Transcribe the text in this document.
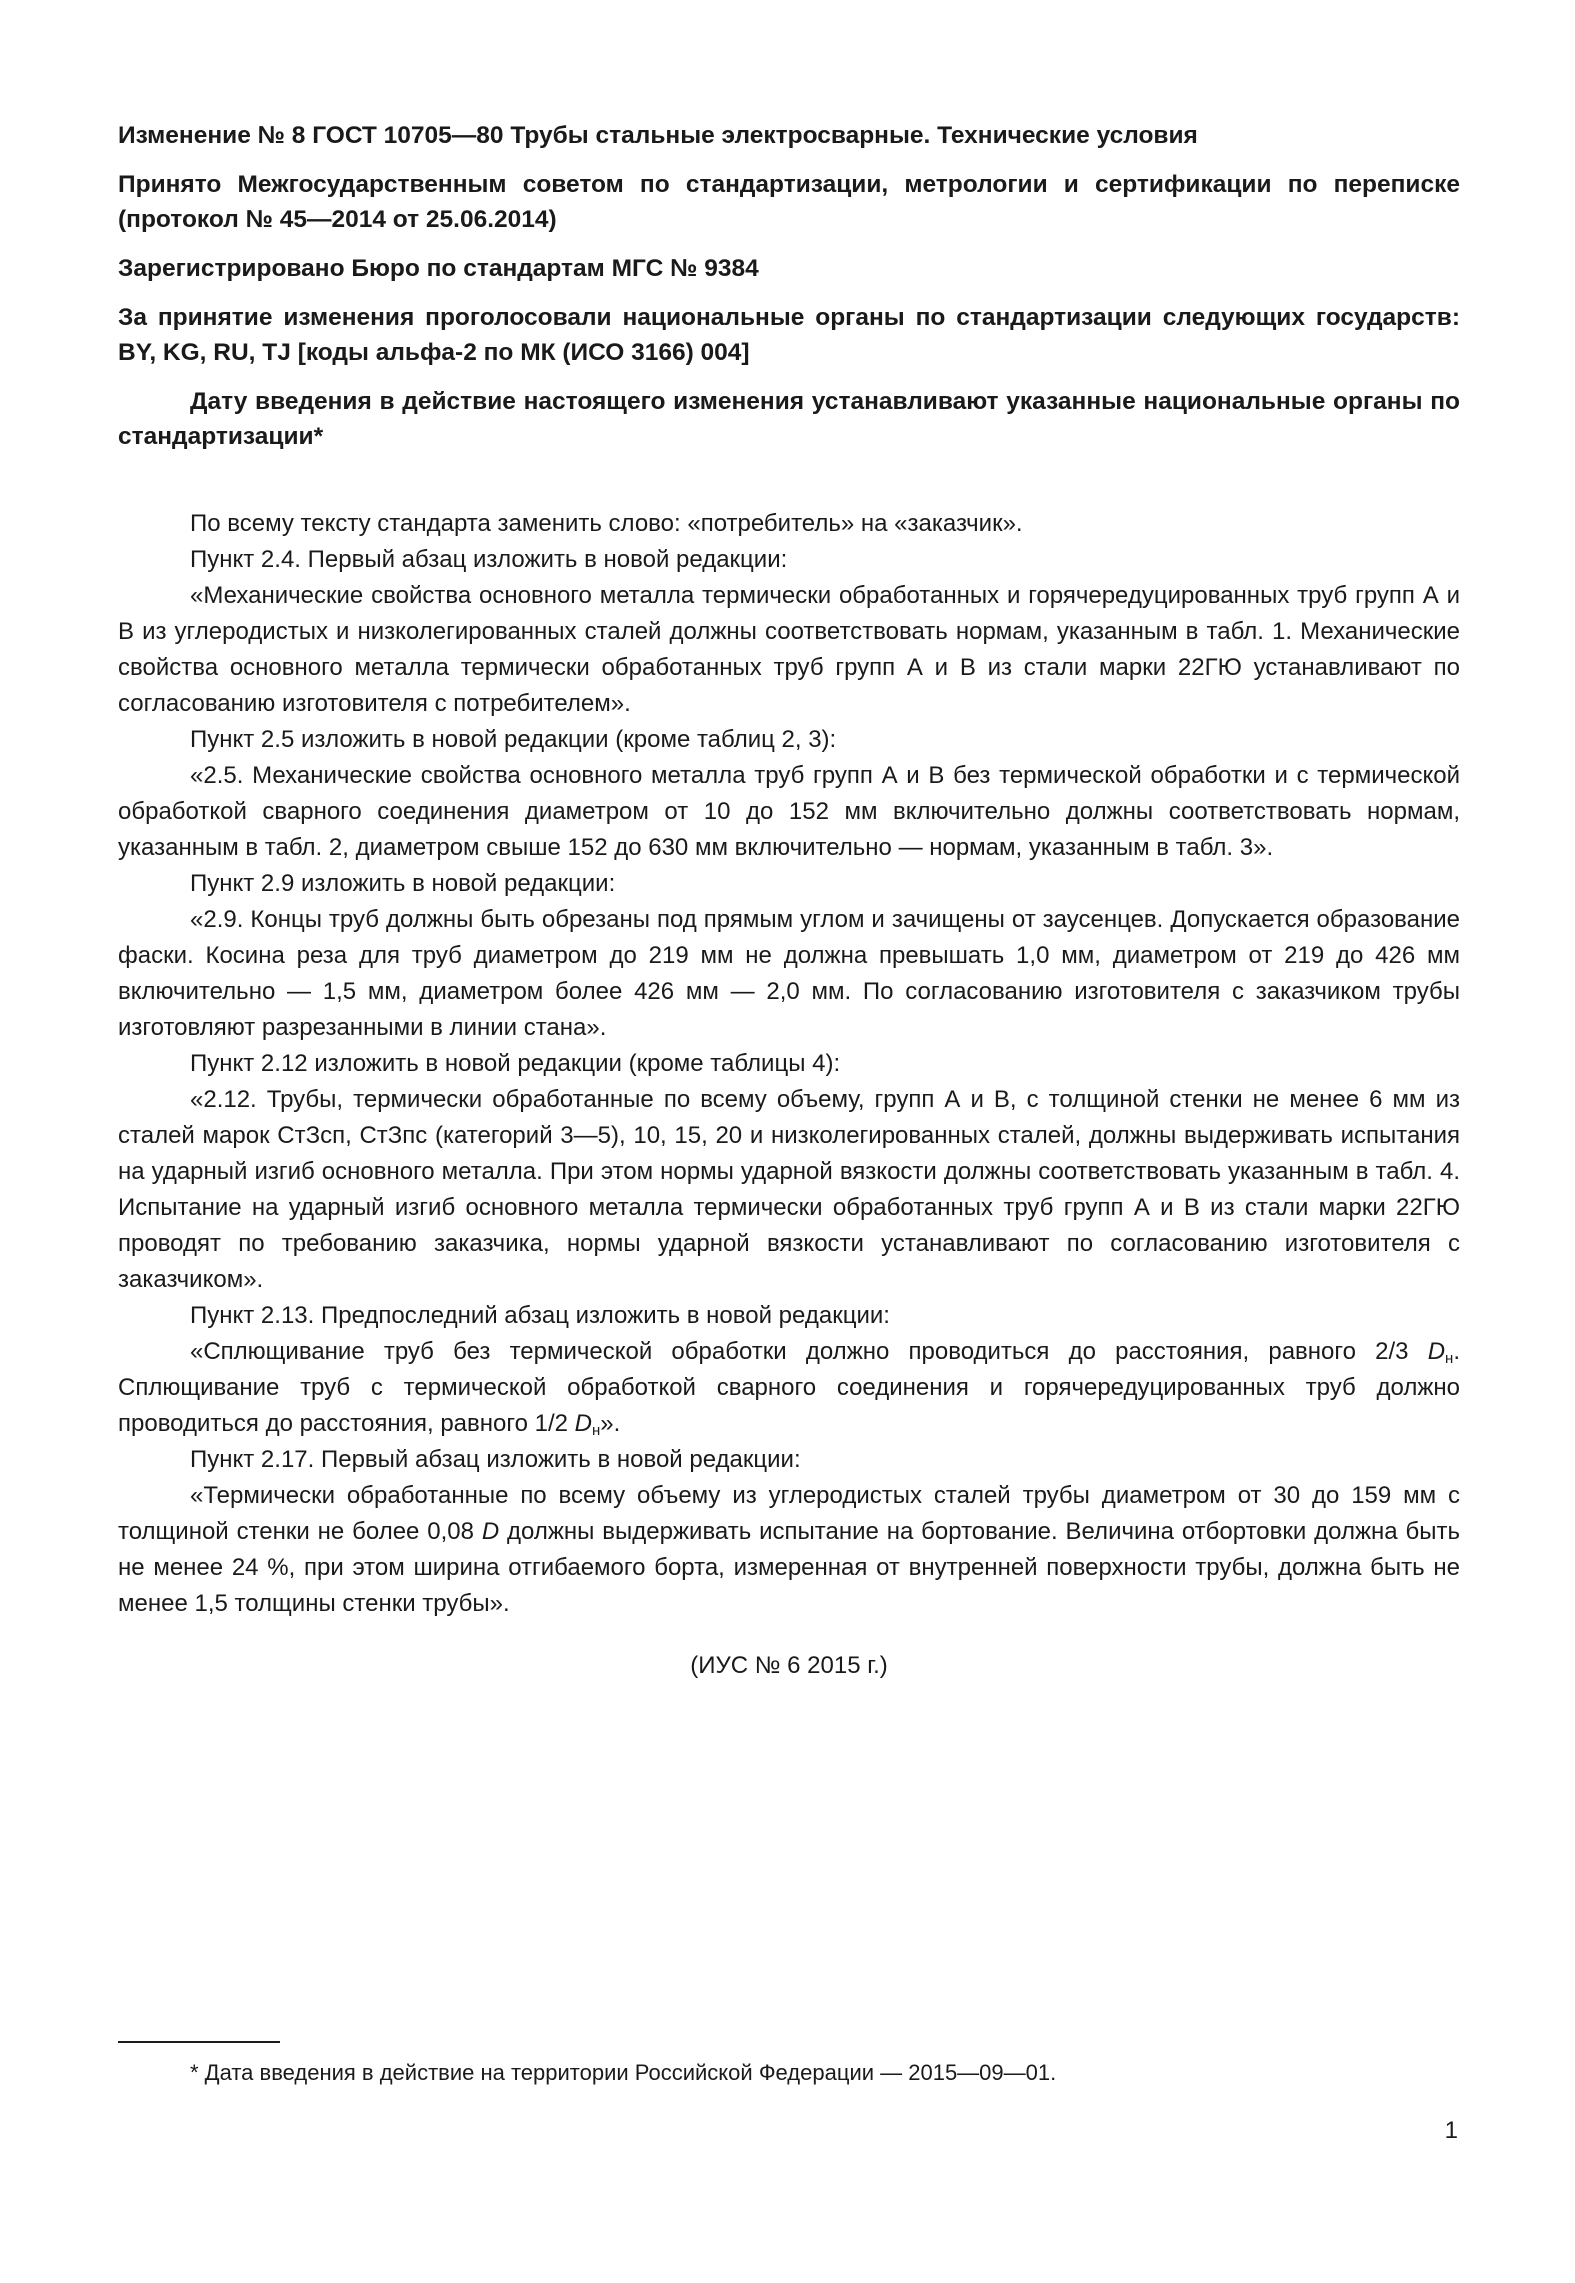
Изменение № 8 ГОСТ 10705—80 Трубы стальные электросварные. Технические условия

Принято Межгосударственным советом по стандартизации, метрологии и сертификации по переписке (протокол № 45—2014 от 25.06.2014)

Зарегистрировано Бюро по стандартам МГС № 9384

За принятие изменения проголосовали национальные органы по стандартизации следующих государств: BY, KG, RU, TJ [коды альфа-2 по МК (ИСО 3166) 004]

Дату введения в действие настоящего изменения устанавливают указанные национальные органы по стандартизации*

По всему тексту стандарта заменить слово: «потребитель» на «заказчик».

Пункт 2.4. Первый абзац изложить в новой редакции:

«Механические свойства основного металла термически обработанных и горячередуцированных труб групп А и В из углеродистых и низколегированных сталей должны соответствовать нормам, указанным в табл. 1. Механические свойства основного металла термически обработанных труб групп А и В из стали марки 22ГЮ устанавливают по согласованию изготовителя с потребителем».

Пункт 2.5 изложить в новой редакции (кроме таблиц 2, 3):

«2.5. Механические свойства основного металла труб групп А и В без термической обработки и с термической обработкой сварного соединения диаметром от 10 до 152 мм включительно должны соответствовать нормам, указанным в табл. 2, диаметром свыше 152 до 630 мм включительно — нормам, указанным в табл. 3».

Пункт 2.9 изложить в новой редакции:

«2.9. Концы труб должны быть обрезаны под прямым углом и зачищены от заусенцев. Допускается образование фаски. Косина реза для труб диаметром до 219 мм не должна превышать 1,0 мм, диаметром от 219 до 426 мм включительно — 1,5 мм, диаметром более 426 мм — 2,0 мм. По согласованию изготовителя с заказчиком трубы изготовляют разрезанными в линии стана».

Пункт 2.12 изложить в новой редакции (кроме таблицы 4):

«2.12. Трубы, термически обработанные по всему объему, групп А и В, с толщиной стенки не менее 6 мм из сталей марок СтЗсп, СтЗпс (категорий 3—5), 10, 15, 20 и низколегированных сталей, должны выдерживать испытания на ударный изгиб основного металла. При этом нормы ударной вязкости должны соответствовать указанным в табл. 4. Испытание на ударный изгиб основного металла термически обработанных труб групп А и В из стали марки 22ГЮ проводят по требованию заказчика, нормы ударной вязкости устанавливают по согласованию изготовителя с заказчиком».

Пункт 2.13. Предпоследний абзац изложить в новой редакции:

«Сплющивание труб без термической обработки должно проводиться до расстояния, равного 2/3 $D_н$. Сплющивание труб с термической обработкой сварного соединения и горячередуцированных труб должно проводиться до расстояния, равного 1/2 $D_н$».

Пункт 2.17. Первый абзац изложить в новой редакции:

«Термически обработанные по всему объему из углеродистых сталей трубы диаметром от 30 до 159 мм с толщиной стенки не более 0,08 D должны выдерживать испытание на бортование. Величина отбортовки должна быть не менее 24 %, при этом ширина отгибаемого борта, измеренная от внутренней поверхности трубы, должна быть не менее 1,5 толщины стенки трубы».

(ИУС № 6 2015 г.)

* Дата введения в действие на территории Российской Федерации — 2015—09—01.
1
